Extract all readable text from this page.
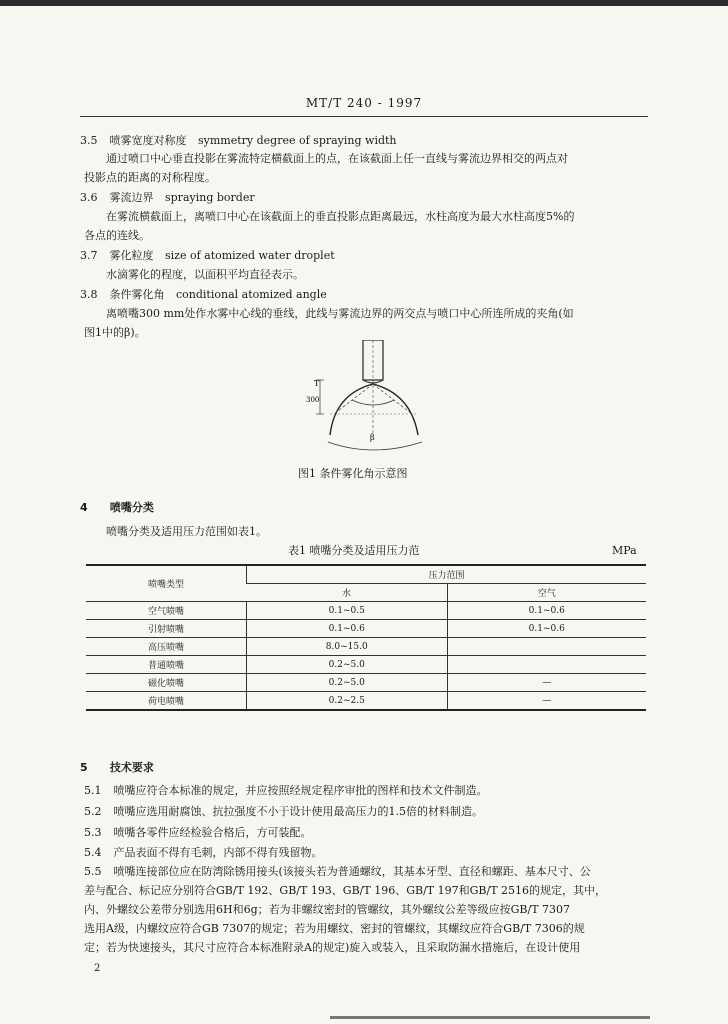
MT/T 240 - 1997
3.5 喷雾宽度对称度 symmetry degree of spraying width
通过喷口中心垂直投影在雾流特定横截面上的点，在该截面上任一直线与雾流边界相交的两点对
投影点的距离的对称程度。
3.6 雾流边界 spraying border
在雾流横截面上，离喷口中心在该截面上的垂直投影点距离最远，水柱高度为最大水柱高度5%的
各点的连线。
3.7 雾化粒度 size of atomized water droplet
水滴雾化的程度，以面积平均直径表示。
3.8 条件雾化角 conditional atomized angle
离喷嘴300 mm处作水雾中心线的垂线，此线与雾流边界的两交点与喷口中心所连所成的夹角(如
图1中的β)。
T
300
β
图1 条件雾化角示意图
4 喷嘴分类
喷嘴分类及适用压力范围如表1。
表1 喷嘴分类及适用压力范	MPa
喷嘴类型	压力范围	
	水	空气
空气喷嘴	0.1~0.5	0.1~0.6
引射喷嘴	0.1~0.6	0.1~0.6
高压喷嘴	8.0~15.0	
普通喷嘴	0.2~5.0	
磁化喷嘴	0.2~5.0	—
荷电喷嘴	0.2~2.5	—
5 技术要求
5.1 喷嘴应符合本标准的规定，并应按照经规定程序审批的图样和技术文件制造。
5.2 喷嘴应选用耐腐蚀、抗拉强度不小于设计使用最高压力的1.5倍的材料制造。
5.3 喷嘴各零件应经检验合格后，方可装配。
5.4 产品表面不得有毛刺，内部不得有残留物。
5.5 喷嘴连接部位应在防湾除锈用接头(该接头若为普通螺纹，其基本牙型、直径和螺距、基本尺寸、公
差与配合、标记应分别符合GB/T 192、GB/T 193、GB/T 196、GB/T 197和GB/T 2516的规定，其中，
内、外螺纹公差带分别选用6H和6g；若为非螺纹密封的管螺纹，其外螺纹公差等级应按GB/T 7307
选用A级，内螺纹应符合GB 7307的规定；若为用螺纹、密封的管螺纹，其螺纹应符合GB/T 7306的规
定；若为快速接头，其尺寸应符合本标准附录A的规定)旋入或装入，且采取防漏水措施后，在设计使用
2
